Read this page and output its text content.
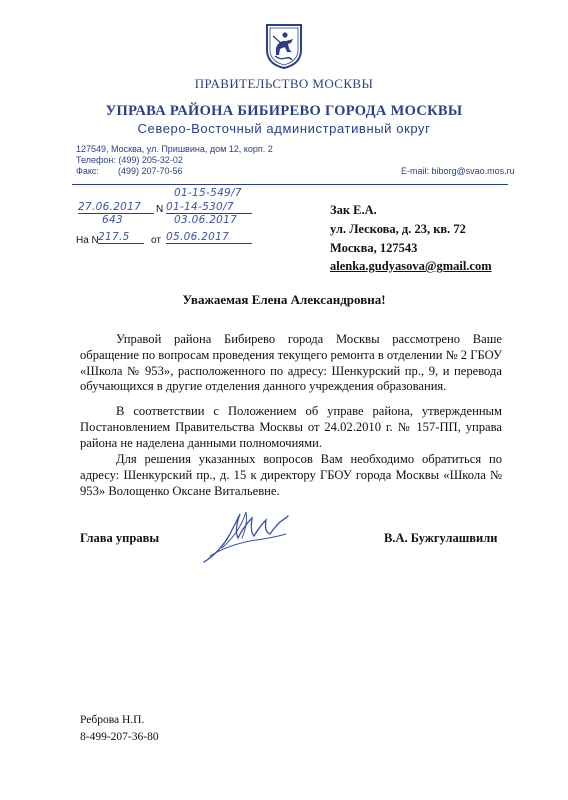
ПРАВИТЕЛЬСТВО МОСКВЫ
УПРАВА РАЙОНА БИБИРЕВО ГОРОДА МОСКВЫ
Северо-Восточный административный округ
127549, Москва, ул. Пришвина, дом 12, корп. 2
Телефон: (499) 205-32-02
Факс: (499) 207-70-56	E-mail: biborg@svao.mos.ru
01-15-549/7
27.06.2017	N 01-14-530/7
643	03.06.2017
На N 217.5	от 05.06.2017
Зак Е.А.
ул. Лескова, д. 23, кв. 72
Москва, 127543
alenka.gudyasova@gmail.com
Уважаемая Елена Александровна!

Управой района Бибирево города Москвы рассмотрено Ваше обращение по вопросам проведения текущего ремонта в отделении № 2 ГБОУ «Школа № 953», расположенного по адресу: Шенкурский пр., 9, и перевода обучающихся в другие отделения данного учреждения образования.

В соответствии с Положением об управе района, утвержденным Постановлением Правительства Москвы от 24.02.2010 г. № 157-ПП, управа района не наделена данными полномочиями.

Для решения указанных вопросов Вам необходимо обратиться по адресу: Шенкурский пр., д. 15 к директору ГБОУ города Москвы «Школа № 953» Волощенко Оксане Витальевне.

Глава управы	В.А. Бужгулашвили
Реброва Н.П.
8-499-207-36-80
